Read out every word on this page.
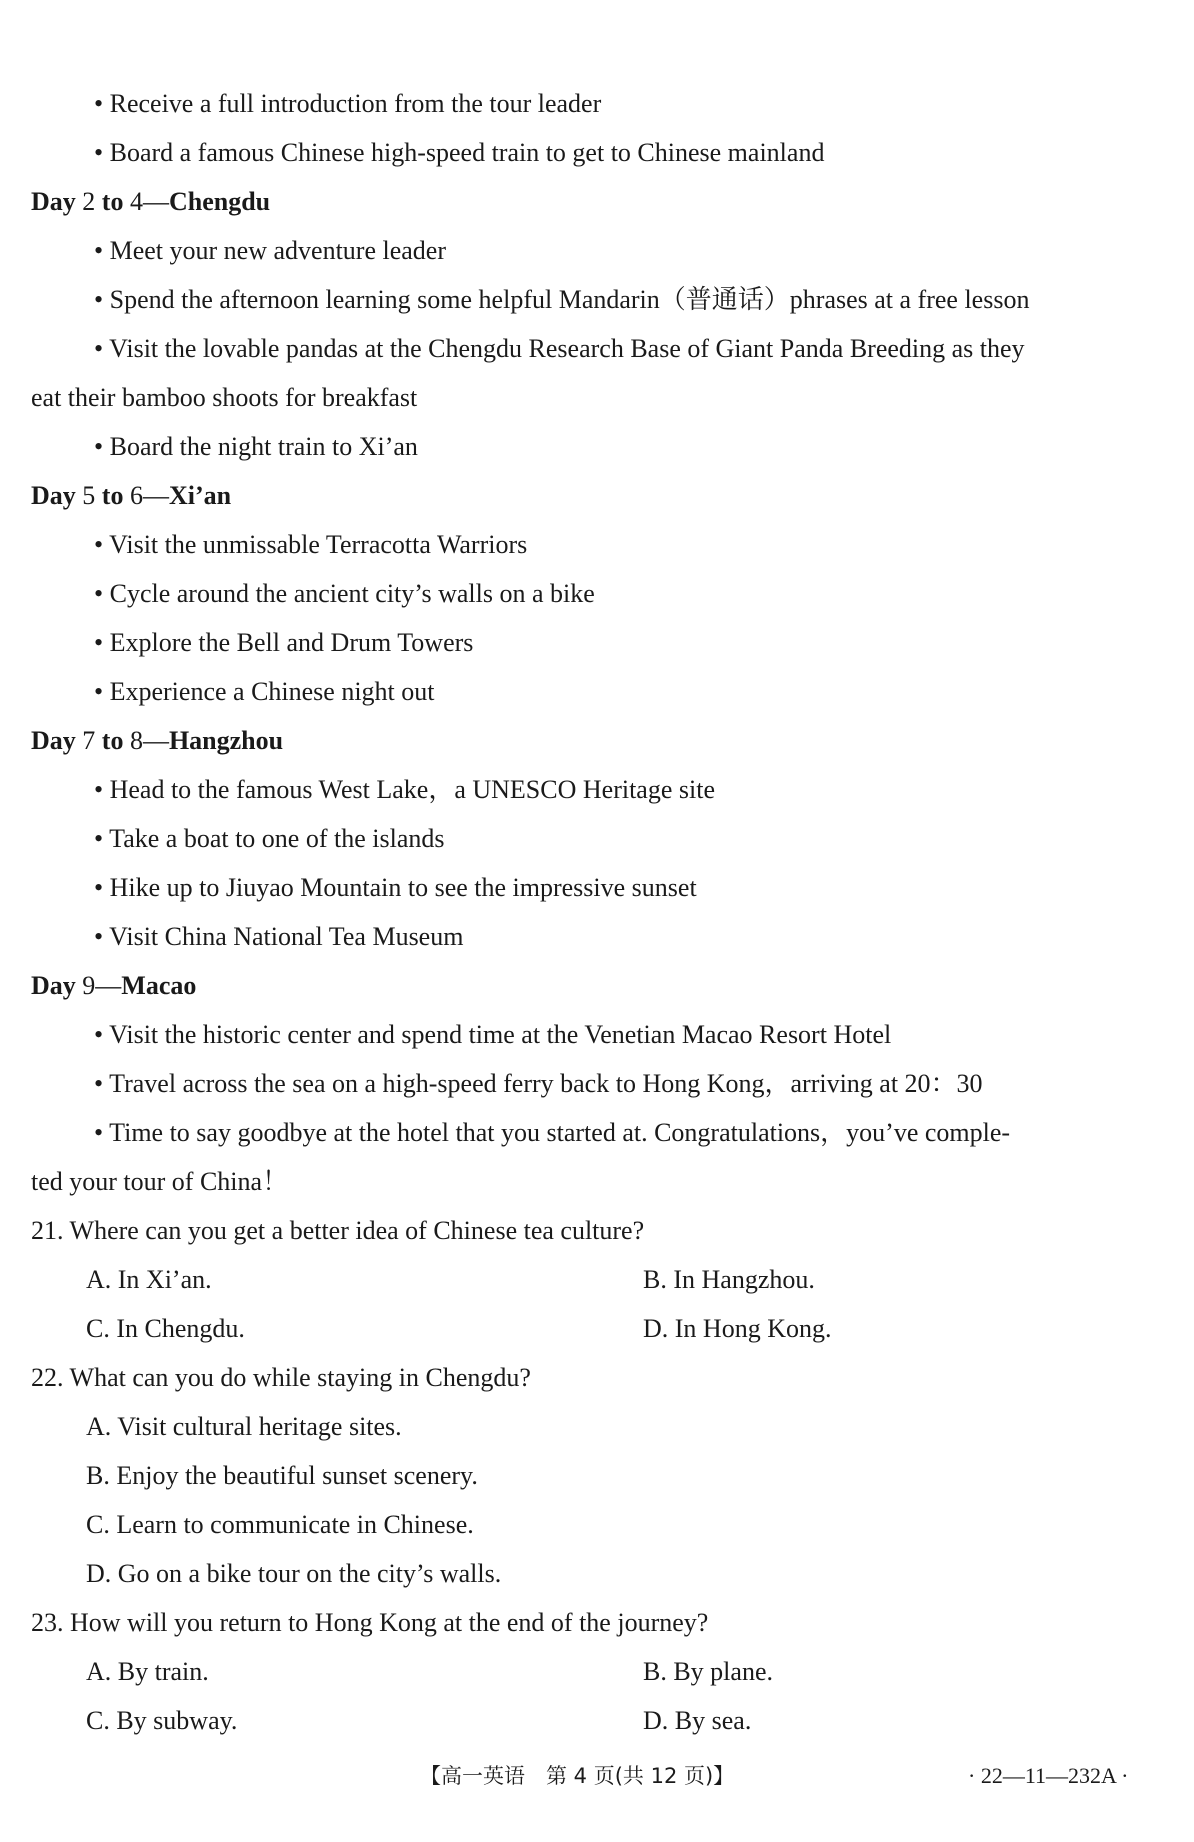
• Receive a full introduction from the tour leader
• Board a famous Chinese high-speed train to get to Chinese mainland
Day 2 to 4—Chengdu
• Meet your new adventure leader
• Spend the afternoon learning some helpful Mandarin（普通话）phrases at a free lesson
• Visit the lovable pandas at the Chengdu Research Base of Giant Panda Breeding as they
eat their bamboo shoots for breakfast
• Board the night train to Xi’an
Day 5 to 6—Xi’an
• Visit the unmissable Terracotta Warriors
• Cycle around the ancient city’s walls on a bike
• Explore the Bell and Drum Towers
• Experience a Chinese night out
Day 7 to 8—Hangzhou
• Head to the famous West Lake，a UNESCO Heritage site
• Take a boat to one of the islands
• Hike up to Jiuyao Mountain to see the impressive sunset
• Visit China National Tea Museum
Day 9—Macao
• Visit the historic center and spend time at the Venetian Macao Resort Hotel
• Travel across the sea on a high-speed ferry back to Hong Kong，arriving at 20：30
• Time to say goodbye at the hotel that you started at. Congratulations，you’ve comple-
ted your tour of China！
21. Where can you get a better idea of Chinese tea culture?
A. In Xi’an.	B. In Hangzhou.
C. In Chengdu.	D. In Hong Kong.
22. What can you do while staying in Chengdu?
A. Visit cultural heritage sites.
B. Enjoy the beautiful sunset scenery.
C. Learn to communicate in Chinese.
D. Go on a bike tour on the city’s walls.
23. How will you return to Hong Kong at the end of the journey?
A. By train.	B. By plane.
C. By subway.	D. By sea.
【高一英语　第 4 页(共 12 页)】	· 22—11—232A ·
